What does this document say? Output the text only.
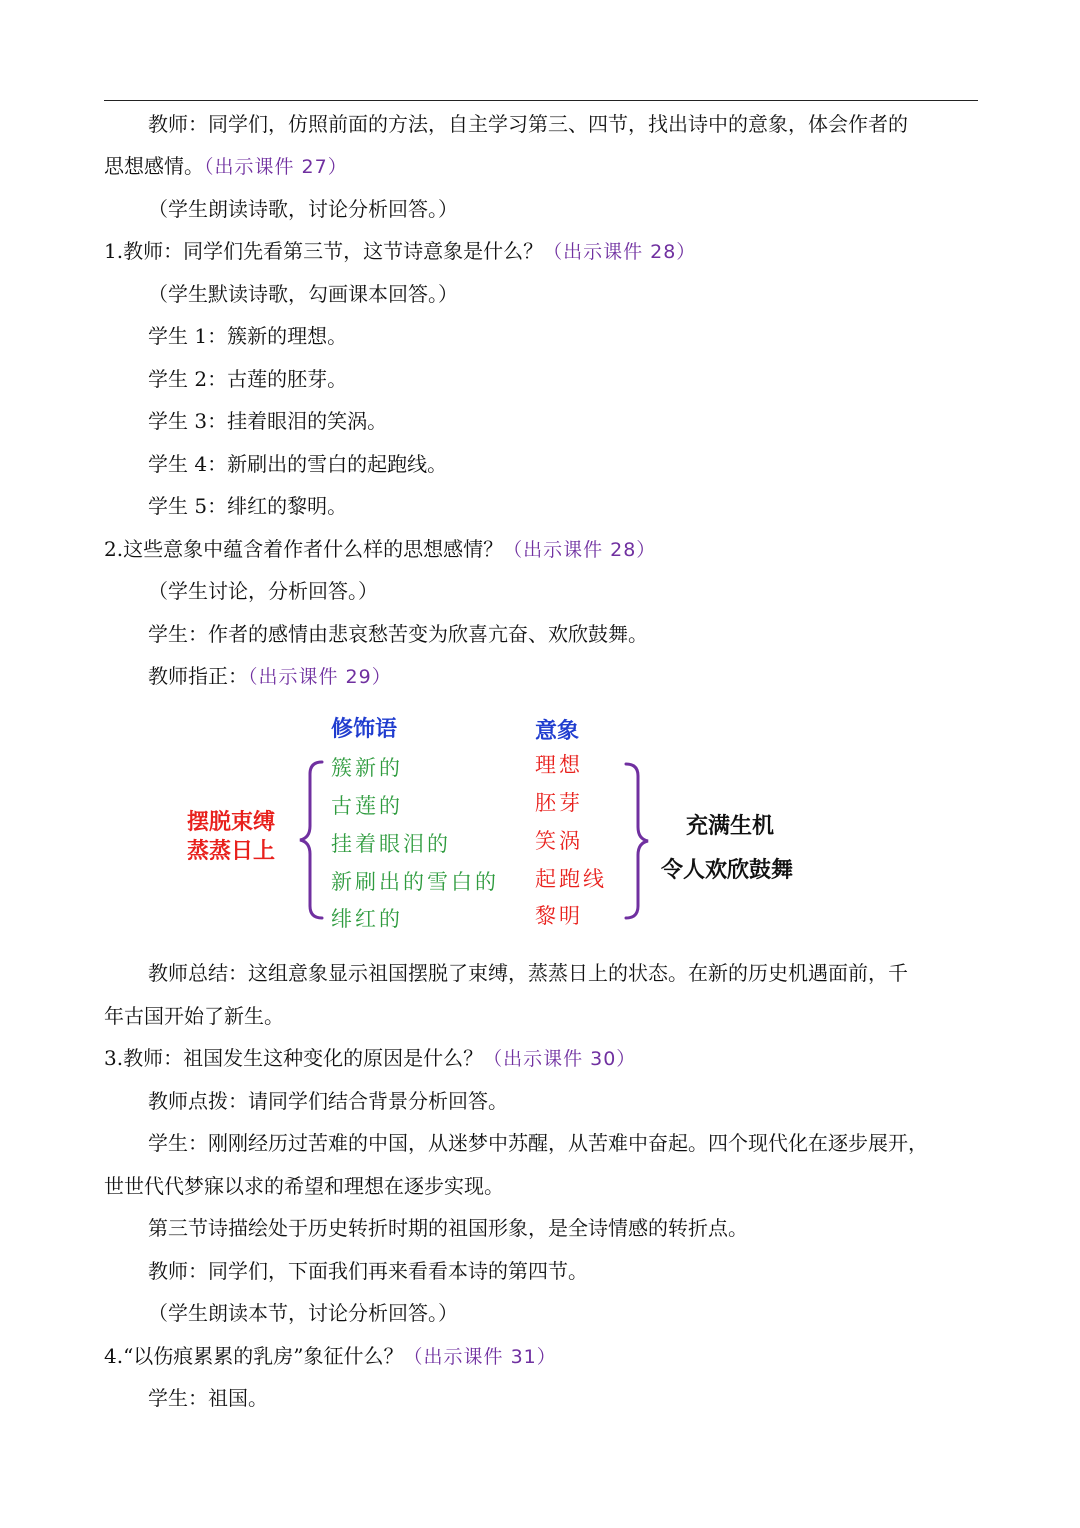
教师：同学们，仿照前面的方法，自主学习第三、四节，找出诗中的意象，体会作者的
思想感情。（出示课件 27）
（学生朗读诗歌，讨论分析回答。）
1.教师：同学们先看第三节，这节诗意象是什么？（出示课件 28）
（学生默读诗歌，勾画课本回答。）
学生 1：簇新的理想。
学生 2：古莲的胚芽。
学生 3：挂着眼泪的笑涡。
学生 4：新刷出的雪白的起跑线。
学生 5：绯红的黎明。
2.这些意象中蕴含着作者什么样的思想感情？（出示课件 28）
（学生讨论，分析回答。）
学生：作者的感情由悲哀愁苦变为欣喜亢奋、欢欣鼓舞。
教师指正：（出示课件 29）
修饰语	意象
簇新的
古莲的
挂着眼泪的
新刷出的雪白的
绯红的
理想
胚芽
笑涡
起跑线
黎明
摆脱束缚
蒸蒸日上
充满生机
令人欢欣鼓舞
教师总结：这组意象显示祖国摆脱了束缚，蒸蒸日上的状态。在新的历史机遇面前，千
年古国开始了新生。
3.教师：祖国发生这种变化的原因是什么？（出示课件 30）
教师点拨：请同学们结合背景分析回答。
学生：刚刚经历过苦难的中国，从迷梦中苏醒，从苦难中奋起。四个现代化在逐步展开，
世世代代梦寐以求的希望和理想在逐步实现。
第三节诗描绘处于历史转折时期的祖国形象，是全诗情感的转折点。
教师：同学们，下面我们再来看看本诗的第四节。
（学生朗读本节，讨论分析回答。）
4.“以伤痕累累的乳房”象征什么？（出示课件 31）
学生：祖国。
